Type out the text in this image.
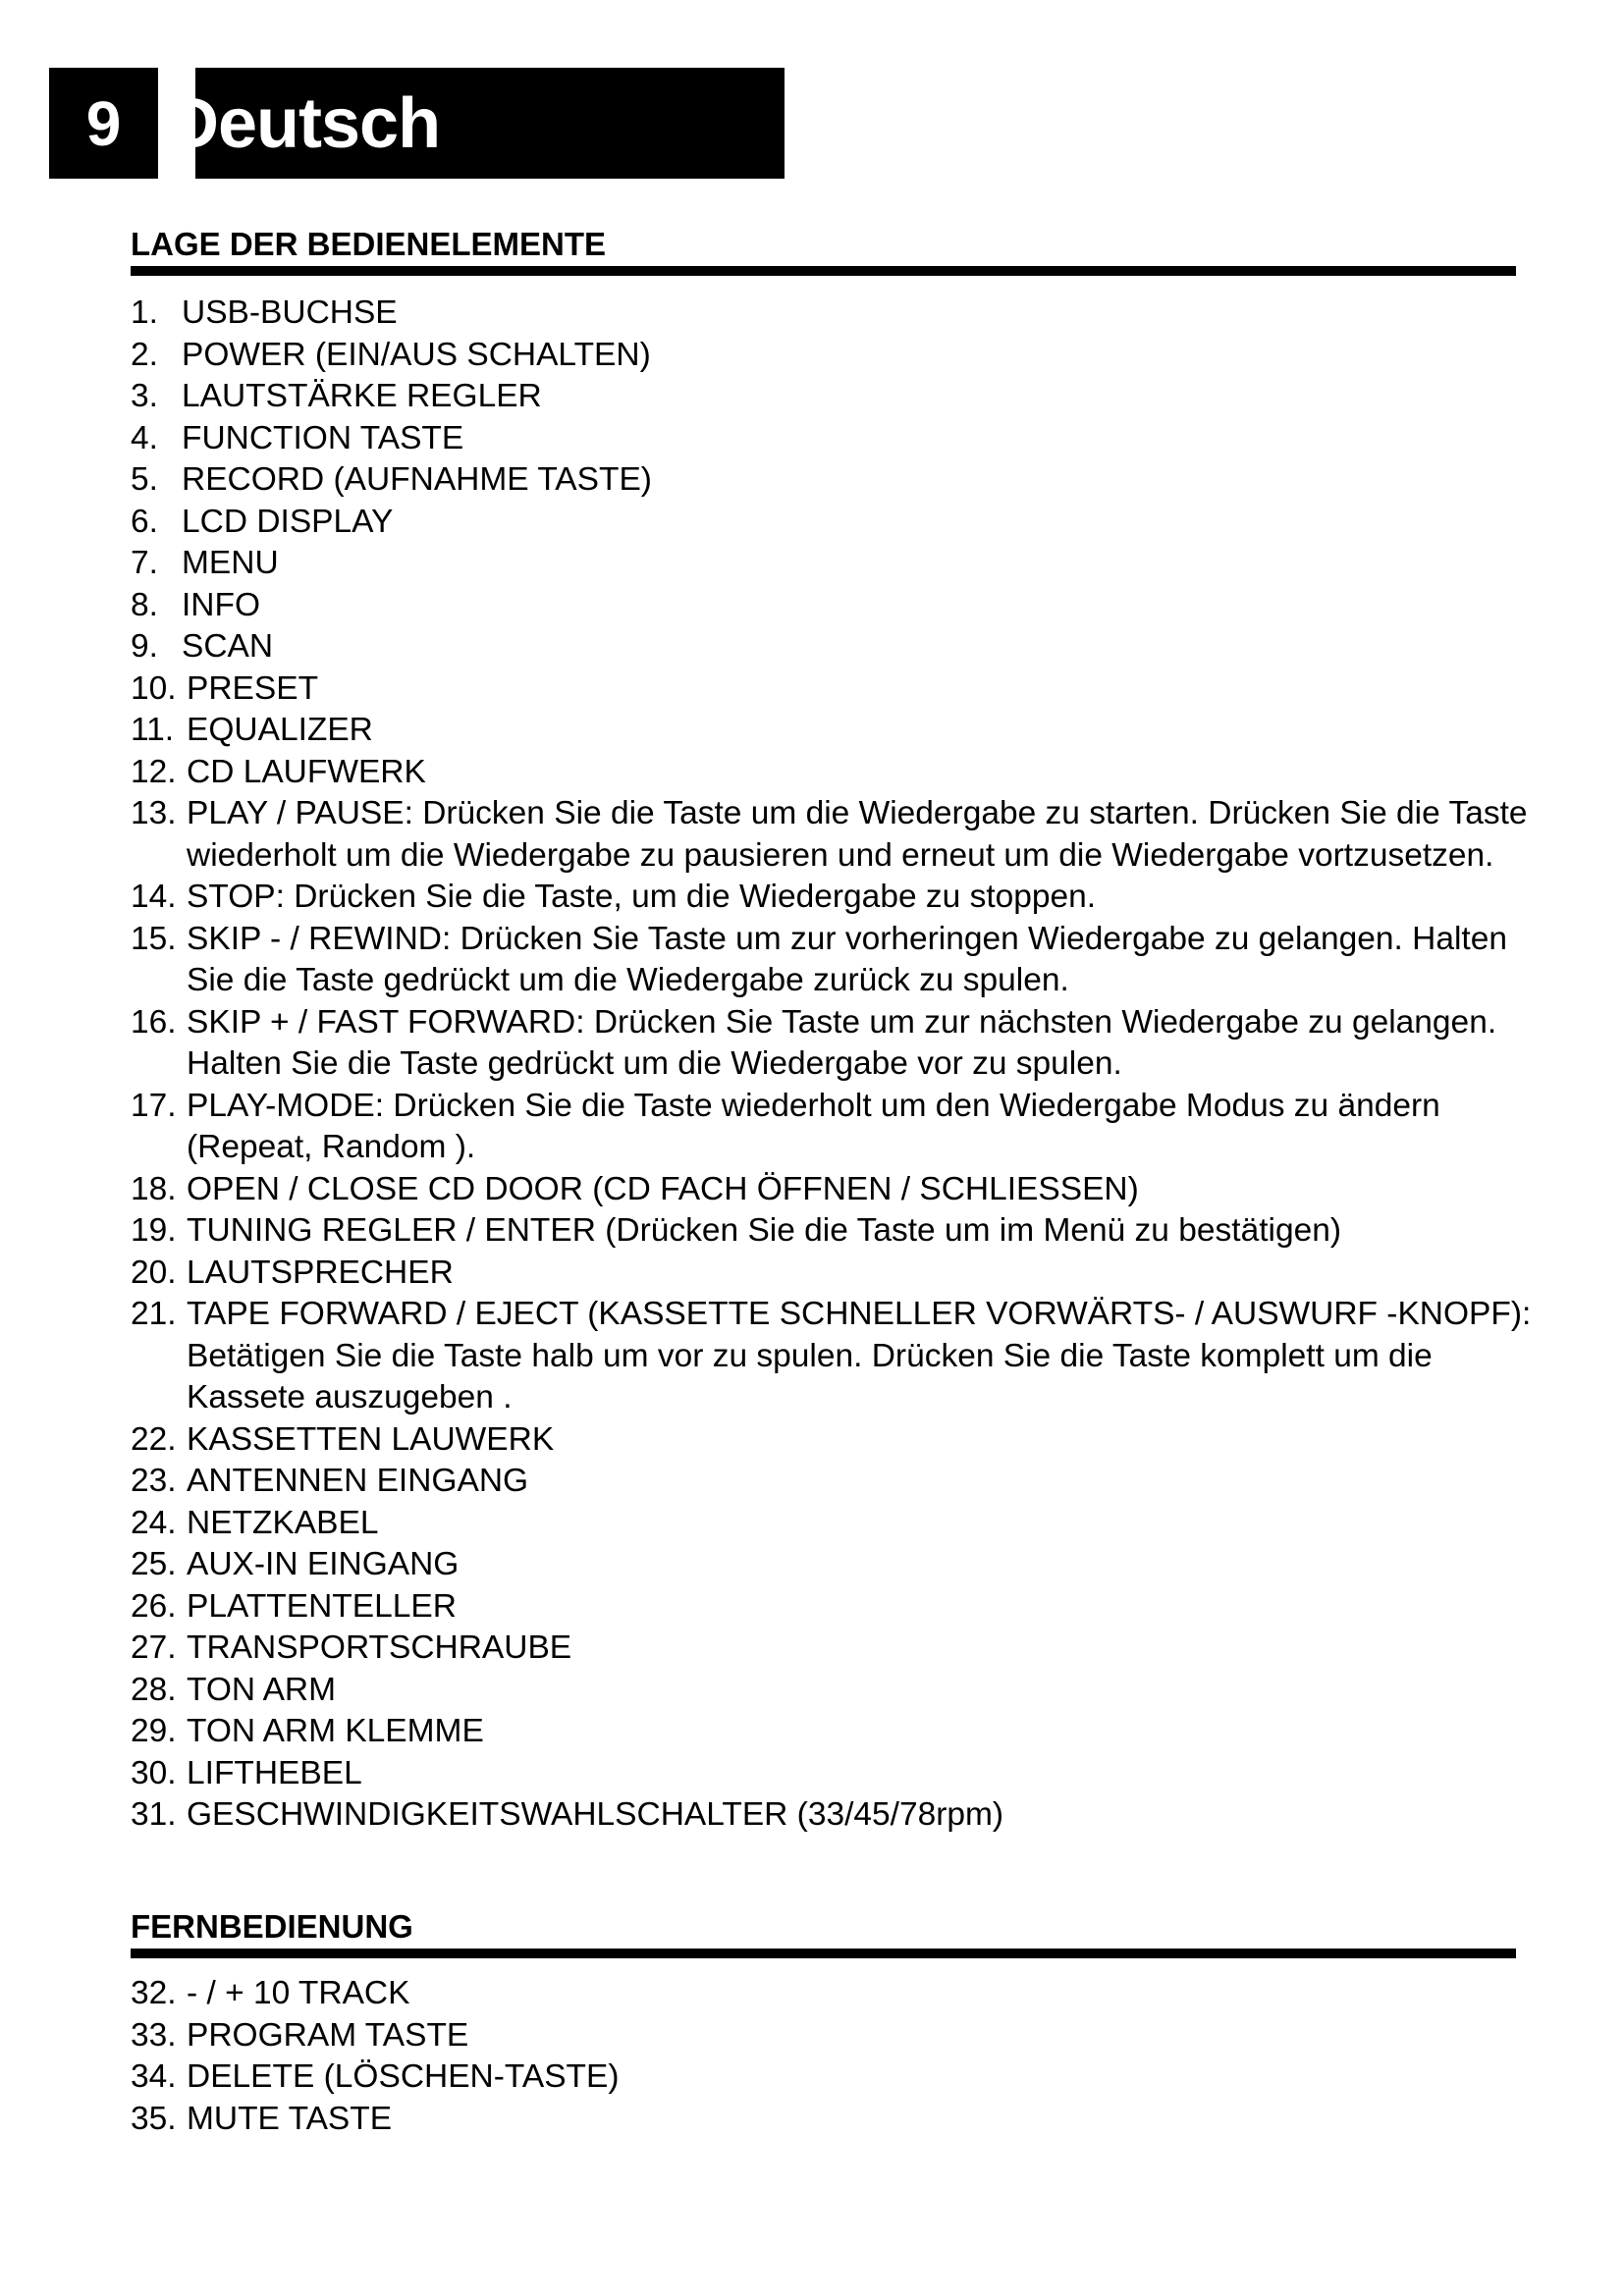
9 Deutsch
LAGE DER BEDIENELEMENTE
1. USB-BUCHSE
2. POWER (EIN/AUS SCHALTEN)
3. LAUTSTÄRKE REGLER
4. FUNCTION TASTE
5. RECORD (AUFNAHME TASTE)
6. LCD DISPLAY
7. MENU
8. INFO
9. SCAN
10. PRESET
11. EQUALIZER
12. CD LAUFWERK
13. PLAY / PAUSE: Drücken Sie die Taste um die Wiedergabe zu starten. Drücken Sie die Taste wiederholt um die Wiedergabe zu pausieren und erneut um die Wiedergabe vortzusetzen.
14. STOP: Drücken Sie die Taste, um die Wiedergabe zu stoppen.
15. SKIP - / REWIND: Drücken Sie Taste um zur vorheringen Wiedergabe zu gelangen. Halten Sie die Taste gedrückt um die Wiedergabe zurück zu spulen.
16. SKIP + / FAST FORWARD: Drücken Sie Taste um zur nächsten Wiedergabe zu gelangen. Halten Sie die Taste gedrückt um die Wiedergabe vor zu spulen.
17. PLAY-MODE: Drücken Sie die Taste wiederholt um den Wiedergabe Modus zu ändern (Repeat, Random ).
18. OPEN / CLOSE CD DOOR (CD FACH ÖFFNEN / SCHLIESSEN)
19. TUNING REGLER / ENTER (Drücken Sie die Taste um im Menü zu bestätigen)
20. LAUTSPRECHER
21. TAPE FORWARD / EJECT (KASSETTE SCHNELLER VORWÄRTS- / AUSWURF -KNOPF): Betätigen Sie die Taste halb um vor zu spulen. Drücken Sie die Taste komplett um die Kassete auszugeben .
22. KASSETTEN LAUWERK
23. ANTENNEN EINGANG
24. NETZKABEL
25. AUX-IN EINGANG
26. PLATTENTELLER
27. TRANSPORTSCHRAUBE
28. TON ARM
29. TON ARM KLEMME
30. LIFTHEBEL
31. GESCHWINDIGKEITSWAHLSCHALTER (33/45/78rpm)
FERNBEDIENUNG
32. - / + 10 TRACK
33. PROGRAM TASTE
34. DELETE (LÖSCHEN-TASTE)
35. MUTE TASTE
